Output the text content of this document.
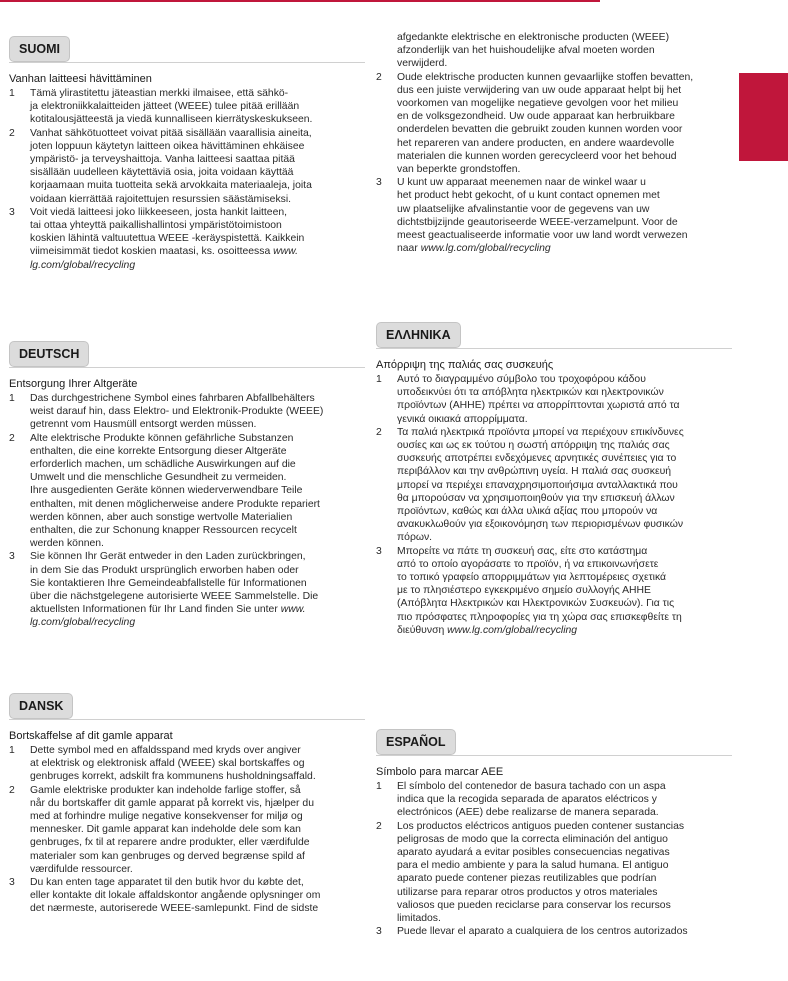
SUOMI
Vanhan laitteesi hävittäminen
1 Tämä ylirastitettu jäteastian merkki ilmaisee, että sähkö-
ja elektroniikkalaitteiden jätteet (WEEE) tulee pitää erillään
kotitalousjätteestä ja viedä kunnalliseen kierrätyskeskukseen.
2 Vanhat sähkötuotteet voivat pitää sisällään vaarallisia aineita,
joten loppuun käytetyn laitteen oikea hävittäminen ehkäisee
ympäristö- ja terveyshaittoja. Vanha laitteesi saattaa pitää
sisällään uudelleen käytettäviä osia, joita voidaan käyttää
korjaamaan muita tuotteita sekä arvokkaita materiaaleja, joita
voidaan kierrättää rajoitettujen resurssien säästämiseksi.
3 Voit viedä laitteesi joko liikkeeseen, josta hankit laitteen,
tai ottaa yhteyttä paikallishallintosi ympäristötoimistoon
koskien lähintä valtuutettua WEEE -keräyspistettä. Kaikkein
viimeisimmät tiedot koskien maatasi, ks. osoitteessa www.
lg.com/global/recycling
DEUTSCH
Entsorgung Ihrer Altgeräte
1 Das durchgestrichene Symbol eines fahrbaren Abfallbehälters
weist darauf hin, dass Elektro- und Elektronik-Produkte (WEEE)
getrennt vom Hausmüll entsorgt werden müssen.
2 Alte elektrische Produkte können gefährliche Substanzen
enthalten, die eine korrekte Entsorgung dieser Altgeräte
erforderlich machen, um schädliche Auswirkungen auf die
Umwelt und die menschliche Gesundheit zu vermeiden.
Ihre ausgedienten Geräte können wiederverwendbare Teile
enthalten, mit denen möglicherweise andere Produkte repariert
werden können, aber auch sonstige wertvolle Materialien
enthalten, die zur Schonung knapper Ressourcen recycelt
werden können.
3 Sie können Ihr Gerät entweder in den Laden zurückbringen,
in dem Sie das Produkt ursprünglich erworben haben oder
Sie kontaktieren Ihre Gemeindeabfallstelle für Informationen
über die nächstgelegene autorisierte WEEE Sammelstelle. Die
aktuellsten Informationen für Ihr Land finden Sie unter www.
lg.com/global/recycling
DANSK
Bortskaffelse af dit gamle apparat
1 Dette symbol med en affaldsspand med kryds over angiver
at elektrisk og elektronisk affald (WEEE) skal bortskaffes og
genbruges korrekt, adskilt fra kommunens husholdningsaffald.
2 Gamle elektriske produkter kan indeholde farlige stoffer, så
når du bortskaffer dit gamle apparat på korrekt vis, hjælper du
med at forhindre mulige negative konsekvenser for miljø og
mennesker. Dit gamle apparat kan indeholde dele som kan
genbruges, fx til at reparere andre produkter, eller værdifulde
materialer som kan genbruges og derved begrænse spild af
værdifulde ressourcer.
3 Du kan enten tage apparatet til den butik hvor du købte det,
eller kontakte dit lokale affaldskontor angående oplysninger om
det nærmeste, autoriserede WEEE-samlepunkt. Find de sidste
afgedankte elektrische en elektronische producten (WEEE)
afzonderlijk van het huishoudelijke afval moeten worden
verwijderd.
2 Oude elektrische producten kunnen gevaarlijke stoffen bevatten,
dus een juiste verwijdering van uw oude apparaat helpt bij het
voorkomen van mogelijke negatieve gevolgen voor het milieu
en de volksgezondheid. Uw oude apparaat kan herbruikbare
onderdelen bevatten die gebruikt zouden kunnen worden voor
het repareren van andere producten, en andere waardevolle
materialen die kunnen worden gerecycleerd voor het behoud
van beperkte grondstoffen.
3 U kunt uw apparaat meenemen naar de winkel waar u
het product hebt gekocht, of u kunt contact opnemen met
uw plaatselijke afvalinstantie voor de gegevens van uw
dichtstbijzijnde geautoriseerde WEEE-verzamelpunt. Voor de
meest geactualiseerde informatie voor uw land wordt verwezen
naar www.lg.com/global/recycling
ΕΛΛΗΝΙΚΑ
Απόρριψη της παλιάς σας συσκευής
1 Αυτό το διαγραμμένο σύμβολο του τροχοφόρου κάδου
υποδεικνύει ότι τα απόβλητα ηλεκτρικών και ηλεκτρονικών
προϊόντων (ΑΗΗΕ) πρέπει να απορρίπτονται χωριστά από τα
γενικά οικιακά απορρίμματα.
2 Τα παλιά ηλεκτρικά προϊόντα μπορεί να περιέχουν επικίνδυνες
ουσίες και ως εκ τούτου η σωστή απόρριψη της παλιάς σας
συσκευής αποτρέπει ενδεχόμενες αρνητικές συνέπειες για το
περιβάλλον και την ανθρώπινη υγεία. Η παλιά σας συσκευή
μπορεί να περιέχει επαναχρησιμοποιήσιμα ανταλλακτικά που
θα μπορούσαν να χρησιμοποιηθούν για την επισκευή άλλων
προϊόντων, καθώς και άλλα υλικά αξίας που μπορούν να
ανακυκλωθούν για εξοικονόμηση των περιορισμένων φυσικών
πόρων.
3 Μπορείτε να πάτε τη συσκευή σας, είτε στο κατάστημα
από το οποίο αγοράσατε το προϊόν, ή να επικοινωνήσετε
το τοπικό γραφείο απορριμμάτων για λεπτομέρειες σχετικά
με το πλησιέστερο εγκεκριμένο σημείο συλλογής ΑΗΗΕ
(Απόβλητα Ηλεκτρικών και Ηλεκτρονικών Συσκευών). Για τις
πιο πρόσφατες πληροφορίες για τη χώρα σας επισκεφθείτε τη
διεύθυνση www.lg.com/global/recycling
ESPAÑOL
Símbolo para marcar AEE
1 El símbolo del contenedor de basura tachado con un aspa
indica que la recogida separada de aparatos eléctricos y
electrónicos (AEE) debe realizarse de manera separada.
2 Los productos eléctricos antiguos pueden contener sustancias
peligrosas de modo que la correcta eliminación del antiguo
aparato ayudará a evitar posibles consecuencias negativas
para el medio ambiente y para la salud humana. El antiguo
aparato puede contener piezas reutilizables que podrían
utilizarse para reparar otros productos y otros materiales
valiosos que pueden reciclarse para conservar los recursos
limitados.
3 Puede llevar el aparato a cualquiera de los centros autorizados
